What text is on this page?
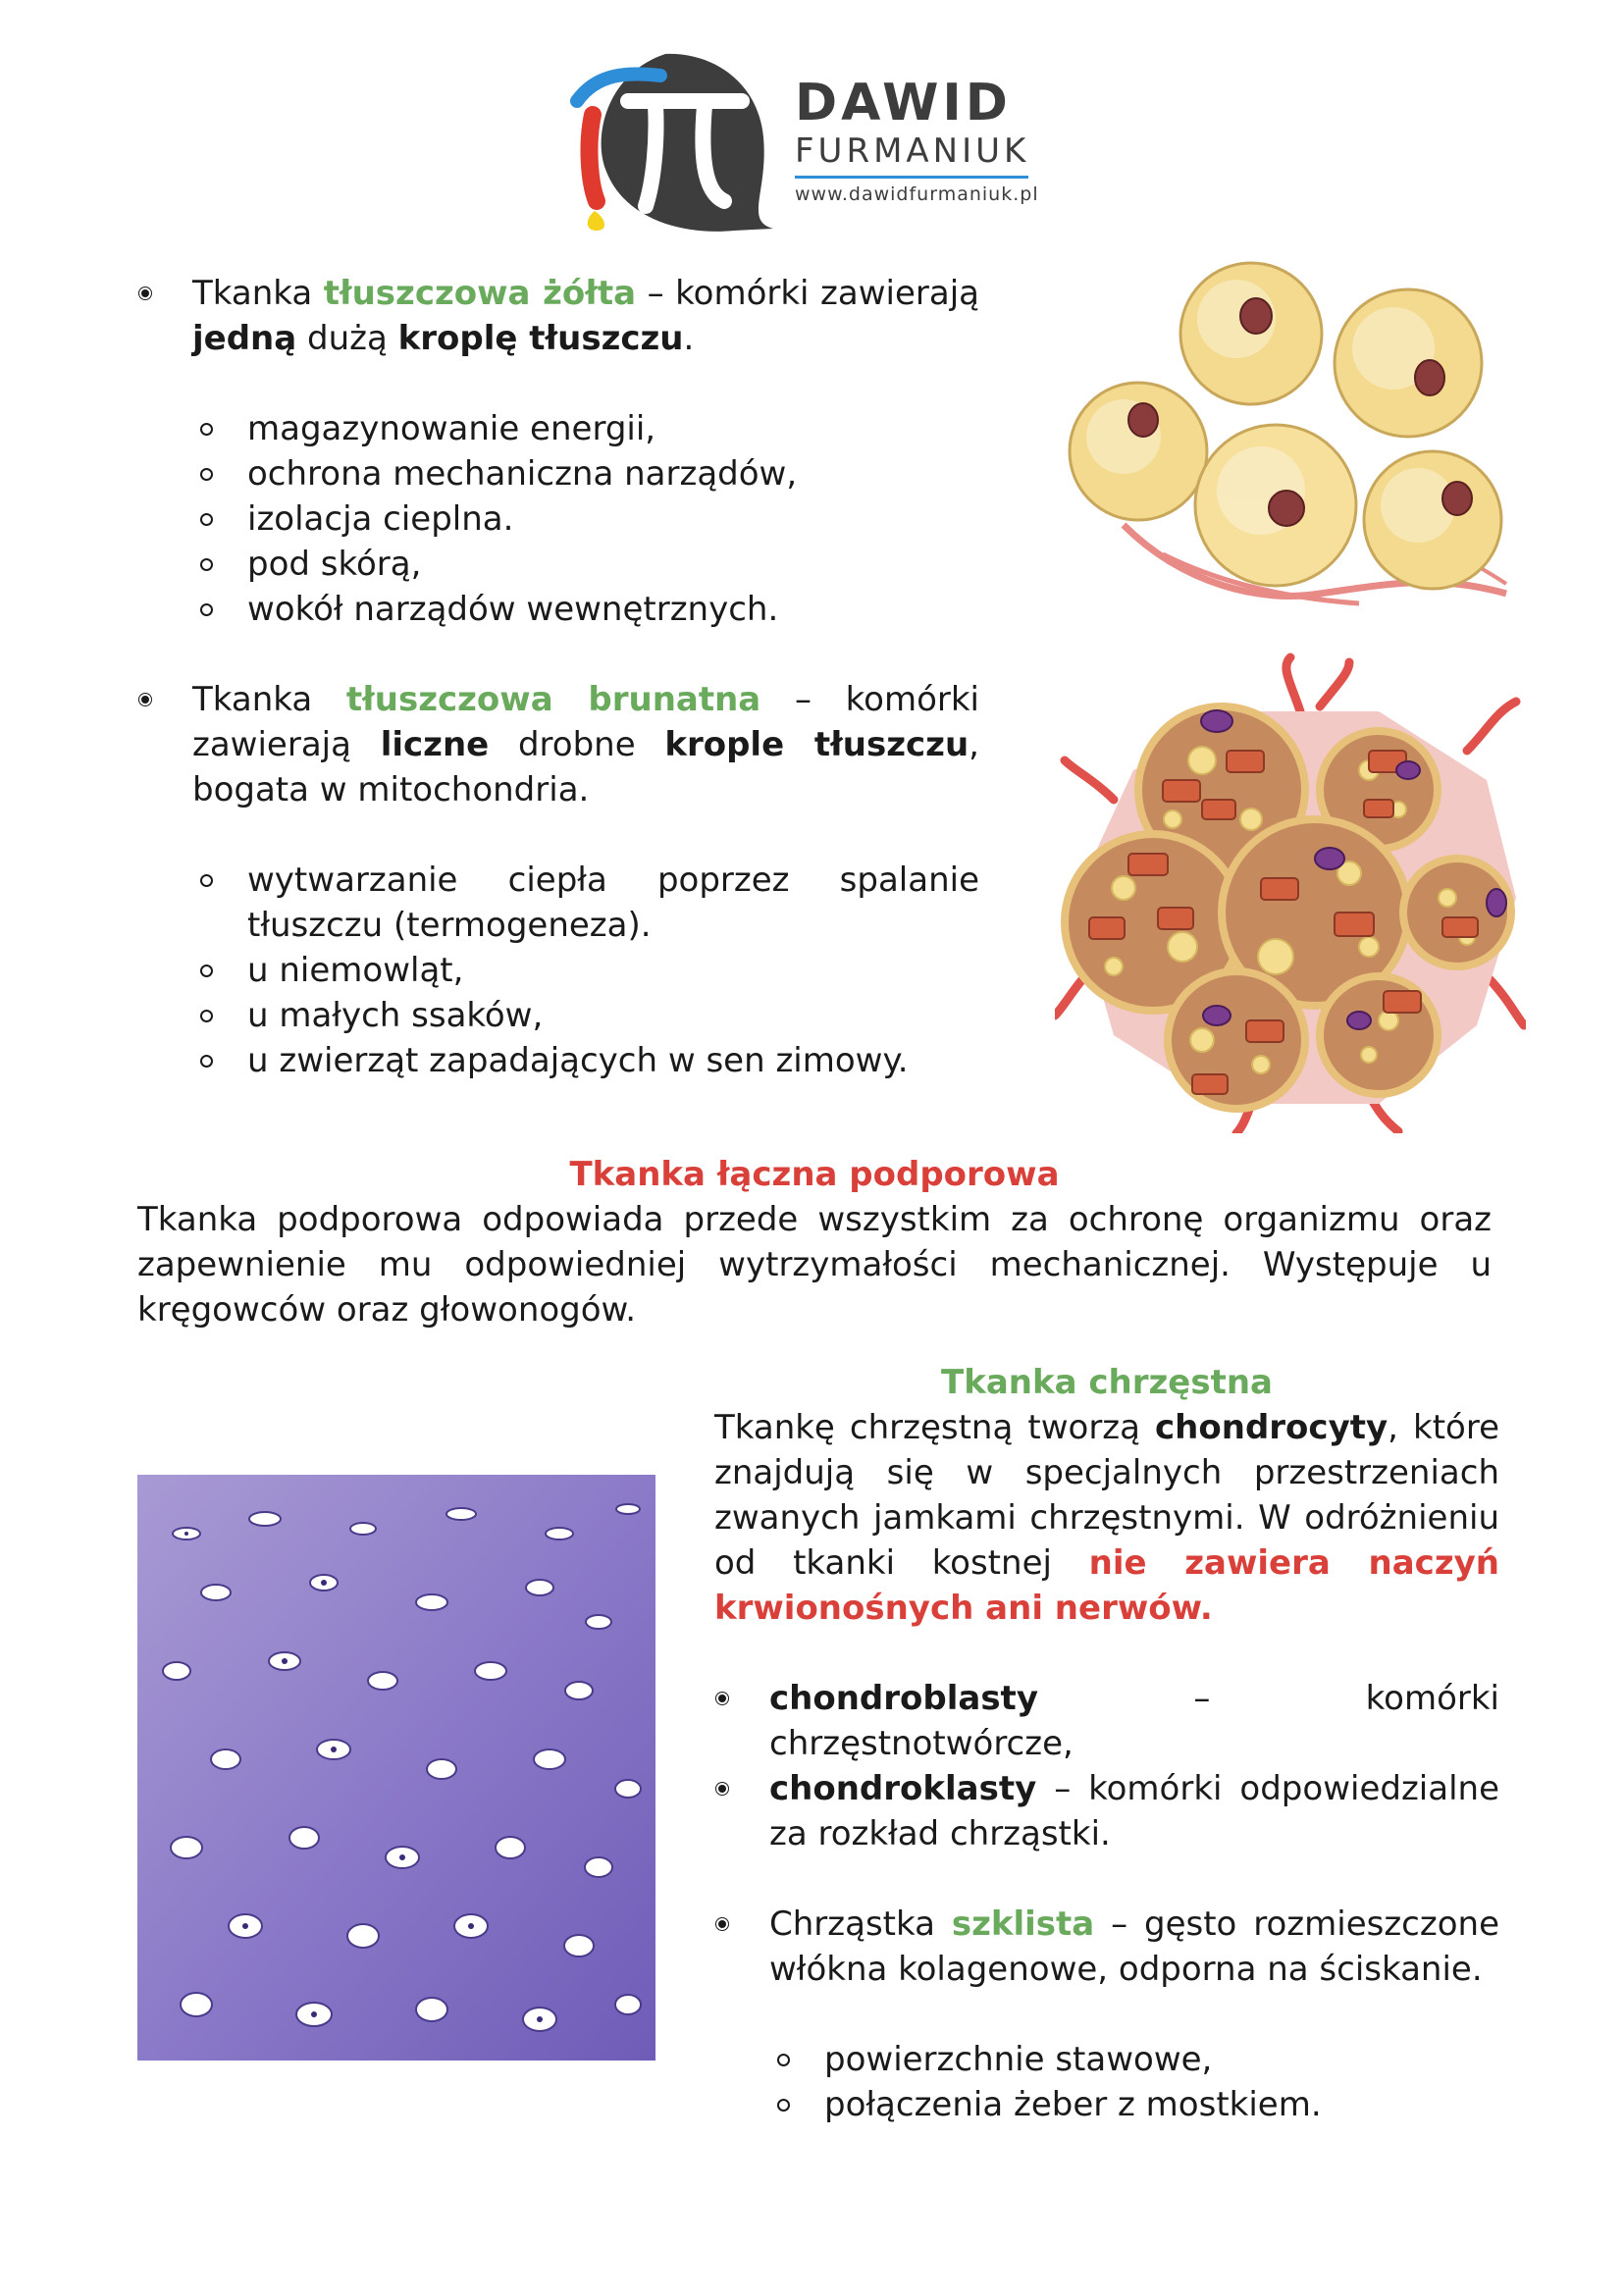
DAWID
FURMANIUK
www.dawidfurmaniuk.pl
Tkanka tłuszczowa żółta – komórki zawierają jedną dużą kroplę tłuszczu.
magazynowanie energii,
ochrona mechaniczna narządów,
izolacja cieplna.
pod skórą,
wokół narządów wewnętrznych.
Tkanka tłuszczowa brunatna – komórki zawierają liczne drobne krople tłuszczu, bogata w mitochondria.
wytwarzanie ciepła poprzez spalanie tłuszczu (termogeneza).
u niemowląt,
u małych ssaków,
u zwierząt zapadających w sen zimowy.
Tkanka łączna podporowa
Tkanka podporowa odpowiada przede wszystkim za ochronę organizmu oraz zapewnienie mu odpowiedniej wytrzymałości mechanicznej. Występuje u kręgowców oraz głowonogów.
Tkanka chrzęstna
Tkankę chrzęstną tworzą chondrocyty, które znajdują się w specjalnych przestrzeniach zwanych jamkami chrzęstnymi. W odróżnieniu od tkanki kostnej nie zawiera naczyń krwionośnych ani nerwów.
chondroblasty – komórki chrzęstnotwórcze,
chondroklasty – komórki odpowiedzialne za rozkład chrząstki.
Chrząstka szklista – gęsto rozmieszczone włókna kolagenowe, odporna na ściskanie.
powierzchnie stawowe,
połączenia żeber z mostkiem.
